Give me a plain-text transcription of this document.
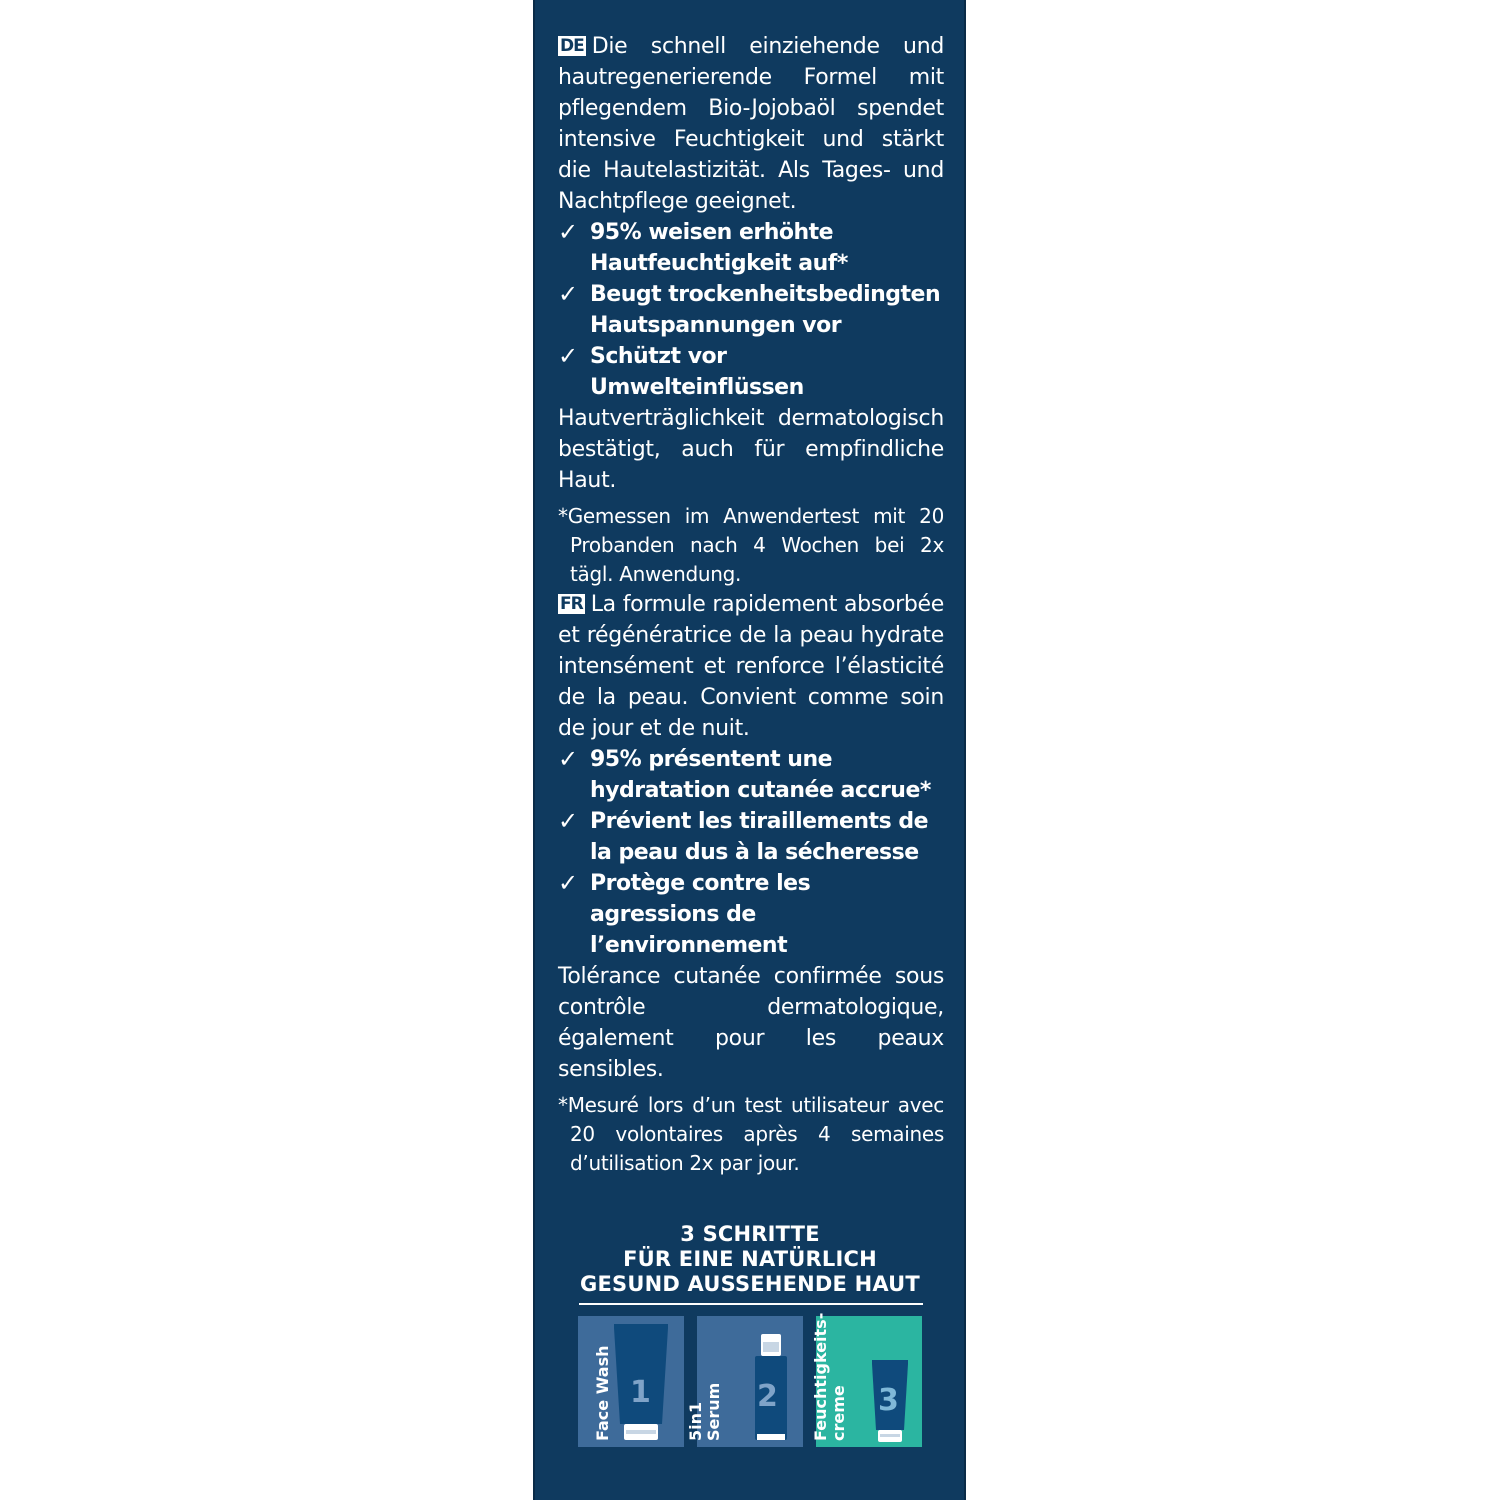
DE Die schnell einziehende und hautregenerierende Formel mit pflegendem Bio-Jojobaöl spendet intensive Feuchtigkeit und stärkt die Hautelastizität. Als Tages- und Nachtpflege geeignet.

✓ 95% weisen erhöhte Hautfeuchtigkeit auf*
✓ Beugt trockenheitsbedingten Hautspannungen vor
✓ Schützt vor Umwelteinflüssen

Hautverträglichkeit dermatologisch bestätigt, auch für empfindliche Haut.

*Gemessen im Anwendertest mit 20 Probanden nach 4 Wochen bei 2x tägl. Anwendung.

FR La formule rapidement absorbée et régénératrice de la peau hydrate intensément et renforce l’élasticité de la peau. Convient comme soin de jour et de nuit.

✓ 95% présentent une hydratation cutanée accrue*
✓ Prévient les tiraillements de la peau dus à la sécheresse
✓ Protège contre les agressions de l’environnement

Tolérance cutanée confirmée sous contrôle dermatologique, également pour les peaux sensibles.

*Mesuré lors d’un test utilisateur avec 20 volontaires après 4 semaines d’utilisation 2x par jour.

3 SCHRITTE
FÜR EINE NATÜRLICH
GESUND AUSSEHENDE HAUT
1
Face Wash	2
5in1 Serum	3
Feuchtigkeits- creme
